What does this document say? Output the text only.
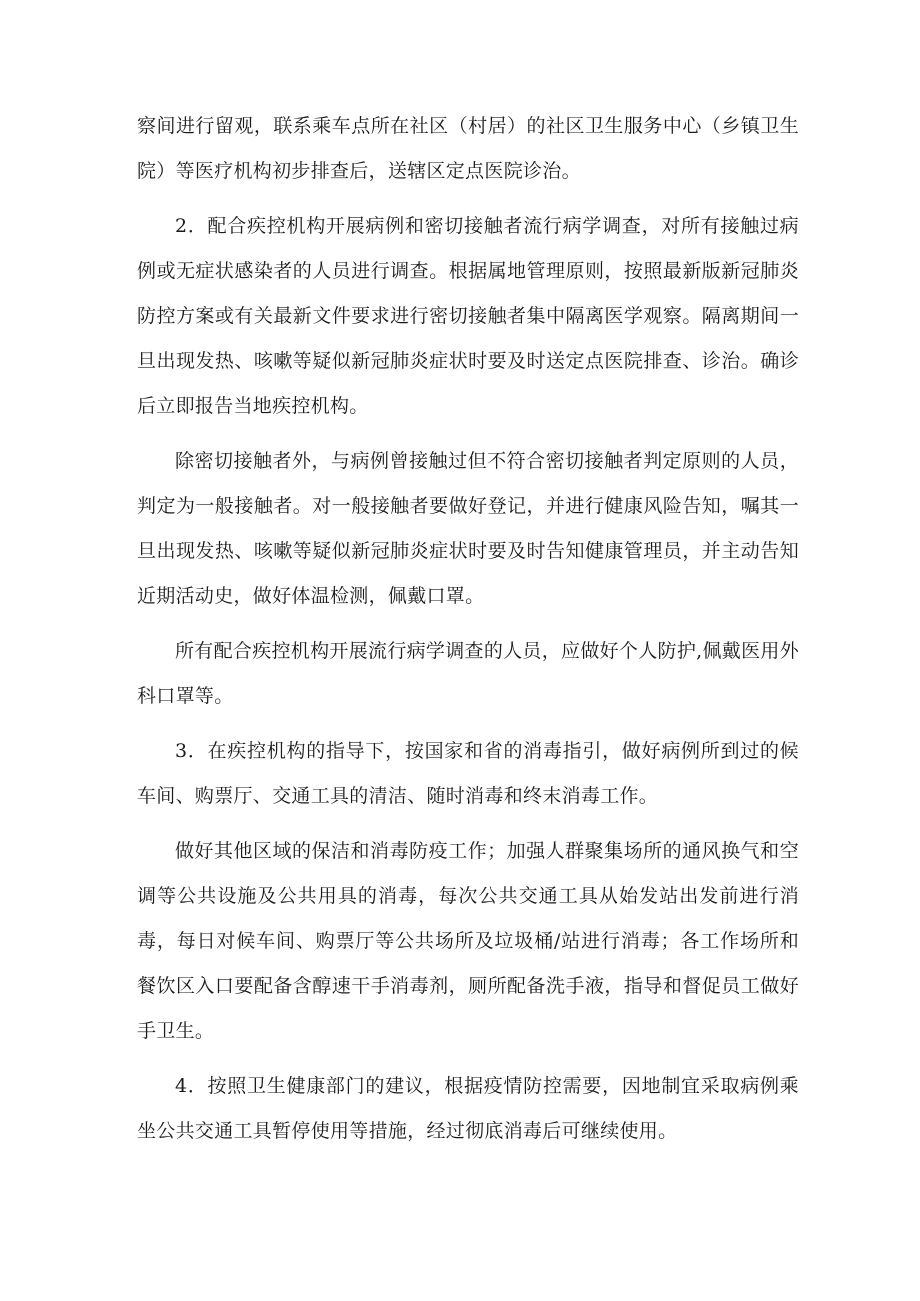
察间进行留观，联系乘车点所在社区（村居）的社区卫生服务中心（乡镇卫生院）等医疗机构初步排查后，送辖区定点医院诊治。

2．配合疾控机构开展病例和密切接触者流行病学调查，对所有接触过病例或无症状感染者的人员进行调查。根据属地管理原则，按照最新版新冠肺炎防控方案或有关最新文件要求进行密切接触者集中隔离医学观察。隔离期间一旦出现发热、咳嗽等疑似新冠肺炎症状时要及时送定点医院排查、诊治。确诊后立即报告当地疾控机构。

除密切接触者外，与病例曾接触过但不符合密切接触者判定原则的人员，判定为一般接触者。对一般接触者要做好登记，并进行健康风险告知，嘱其一旦出现发热、咳嗽等疑似新冠肺炎症状时要及时告知健康管理员，并主动告知近期活动史，做好体温检测，佩戴口罩。

所有配合疾控机构开展流行病学调查的人员，应做好个人防护,佩戴医用外科口罩等。

3．在疾控机构的指导下，按国家和省的消毒指引，做好病例所到过的候车间、购票厅、交通工具的清洁、随时消毒和终末消毒工作。

做好其他区域的保洁和消毒防疫工作；加强人群聚集场所的通风换气和空调等公共设施及公共用具的消毒，每次公共交通工具从始发站出发前进行消毒，每日对候车间、购票厅等公共场所及垃圾桶/站进行消毒；各工作场所和餐饮区入口要配备含醇速干手消毒剂，厕所配备洗手液，指导和督促员工做好手卫生。

4．按照卫生健康部门的建议，根据疫情防控需要，因地制宜采取病例乘坐公共交通工具暂停使用等措施，经过彻底消毒后可继续使用。
